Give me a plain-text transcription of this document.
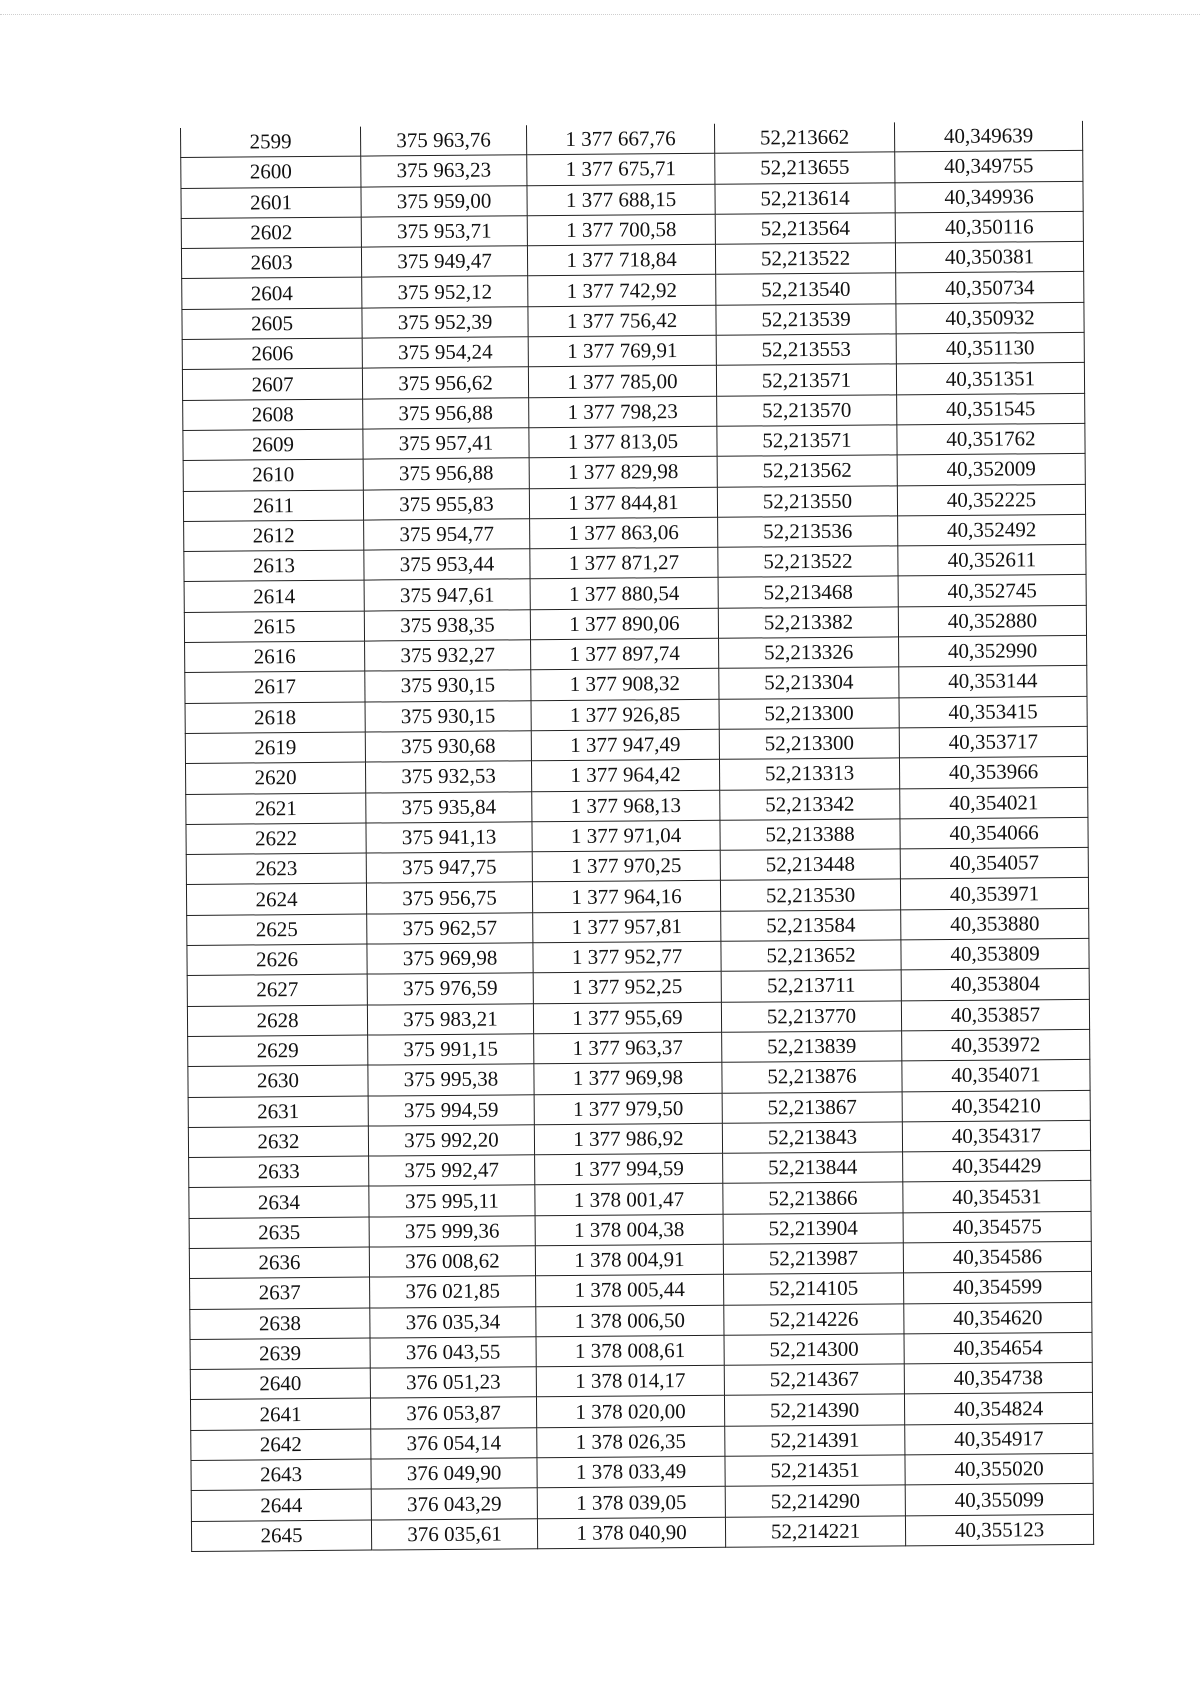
2599	375 963,76	1 377 667,76	52,213662	40,349639
2600	375 963,23	1 377 675,71	52,213655	40,349755
2601	375 959,00	1 377 688,15	52,213614	40,349936
2602	375 953,71	1 377 700,58	52,213564	40,350116
2603	375 949,47	1 377 718,84	52,213522	40,350381
2604	375 952,12	1 377 742,92	52,213540	40,350734
2605	375 952,39	1 377 756,42	52,213539	40,350932
2606	375 954,24	1 377 769,91	52,213553	40,351130
2607	375 956,62	1 377 785,00	52,213571	40,351351
2608	375 956,88	1 377 798,23	52,213570	40,351545
2609	375 957,41	1 377 813,05	52,213571	40,351762
2610	375 956,88	1 377 829,98	52,213562	40,352009
2611	375 955,83	1 377 844,81	52,213550	40,352225
2612	375 954,77	1 377 863,06	52,213536	40,352492
2613	375 953,44	1 377 871,27	52,213522	40,352611
2614	375 947,61	1 377 880,54	52,213468	40,352745
2615	375 938,35	1 377 890,06	52,213382	40,352880
2616	375 932,27	1 377 897,74	52,213326	40,352990
2617	375 930,15	1 377 908,32	52,213304	40,353144
2618	375 930,15	1 377 926,85	52,213300	40,353415
2619	375 930,68	1 377 947,49	52,213300	40,353717
2620	375 932,53	1 377 964,42	52,213313	40,353966
2621	375 935,84	1 377 968,13	52,213342	40,354021
2622	375 941,13	1 377 971,04	52,213388	40,354066
2623	375 947,75	1 377 970,25	52,213448	40,354057
2624	375 956,75	1 377 964,16	52,213530	40,353971
2625	375 962,57	1 377 957,81	52,213584	40,353880
2626	375 969,98	1 377 952,77	52,213652	40,353809
2627	375 976,59	1 377 952,25	52,213711	40,353804
2628	375 983,21	1 377 955,69	52,213770	40,353857
2629	375 991,15	1 377 963,37	52,213839	40,353972
2630	375 995,38	1 377 969,98	52,213876	40,354071
2631	375 994,59	1 377 979,50	52,213867	40,354210
2632	375 992,20	1 377 986,92	52,213843	40,354317
2633	375 992,47	1 377 994,59	52,213844	40,354429
2634	375 995,11	1 378 001,47	52,213866	40,354531
2635	375 999,36	1 378 004,38	52,213904	40,354575
2636	376 008,62	1 378 004,91	52,213987	40,354586
2637	376 021,85	1 378 005,44	52,214105	40,354599
2638	376 035,34	1 378 006,50	52,214226	40,354620
2639	376 043,55	1 378 008,61	52,214300	40,354654
2640	376 051,23	1 378 014,17	52,214367	40,354738
2641	376 053,87	1 378 020,00	52,214390	40,354824
2642	376 054,14	1 378 026,35	52,214391	40,354917
2643	376 049,90	1 378 033,49	52,214351	40,355020
2644	376 043,29	1 378 039,05	52,214290	40,355099
2645	376 035,61	1 378 040,90	52,214221	40,355123
